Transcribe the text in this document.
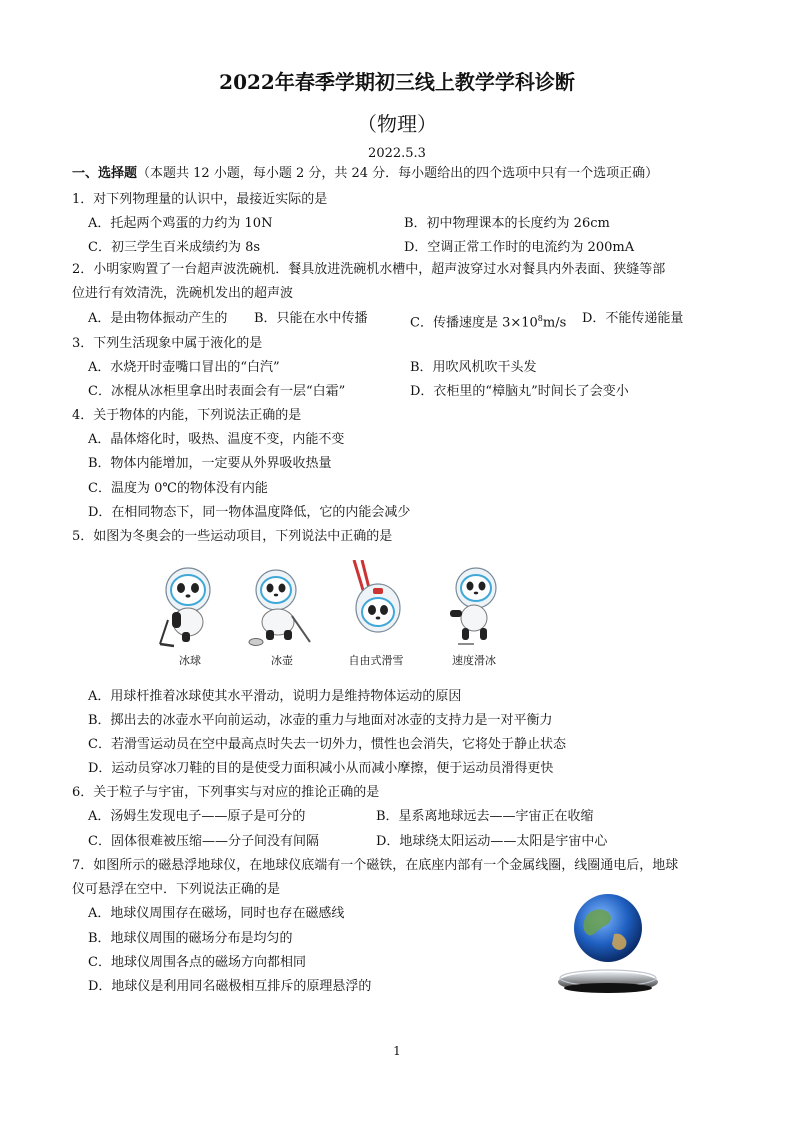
2022年春季学期初三线上教学学科诊断
（物理）
2022.5.3
一、选择题（本题共 12 小题，每小题 2 分，共 24 分．每小题给出的四个选项中只有一个选项正确）
1．对下列物理量的认识中，最接近实际的是
A．托起两个鸡蛋的力约为 10N	B．初中物理课本的长度约为 26cm
C．初三学生百米成绩约为 8s	D．空调正常工作时的电流约为 200mA
2．小明家购置了一台超声波洗碗机．餐具放进洗碗机水槽中，超声波穿过水对餐具内外表面、狭缝等部
位进行有效清洗，洗碗机发出的超声波
A．是由物体振动产生的 B．只能在水中传播	C．传播速度是 $3\times 10^8m/s$ D．不能传递能量
3．下列生活现象中属于液化的是
A．水烧开时壶嘴口冒出的“白汽”	B．用吹风机吹干头发
C．冰棍从冰柜里拿出时表面会有一层“白霜”	D．衣柜里的“樟脑丸”时间长了会变小
4．关于物体的内能，下列说法正确的是
A．晶体熔化时，吸热、温度不变，内能不变
B．物体内能增加，一定要从外界吸收热量
C．温度为 0℃的物体没有内能
D．在相同物态下，同一物体温度降低，它的内能会减少
5．如图为冬奥会的一些运动项目，下列说法中正确的是
冰球	冰壶	自由式滑雪	速度滑冰
A．用球杆推着冰球使其水平滑动，说明力是维持物体运动的原因
B．掷出去的冰壶水平向前运动，冰壶的重力与地面对冰壶的支持力是一对平衡力
C．若滑雪运动员在空中最高点时失去一切外力，惯性也会消失，它将处于静止状态
D．运动员穿冰刀鞋的目的是使受力面积减小从而减小摩擦，便于运动员滑得更快
6．关于粒子与宇宙，下列事实与对应的推论正确的是
A．汤姆生发现电子——原子是可分的	B．星系离地球远去——宇宙正在收缩
C．固体很难被压缩——分子间没有间隔	D．地球绕太阳运动——太阳是宇宙中心
7．如图所示的磁悬浮地球仪，在地球仪底端有一个磁铁，在底座内部有一个金属线圈，线圈通电后，地球
仪可悬浮在空中．下列说法正确的是
A．地球仪周围存在磁场，同时也存在磁感线
B．地球仪周围的磁场分布是均匀的
C．地球仪周围各点的磁场方向都相同
D．地球仪是利用同名磁极相互排斥的原理悬浮的
1
